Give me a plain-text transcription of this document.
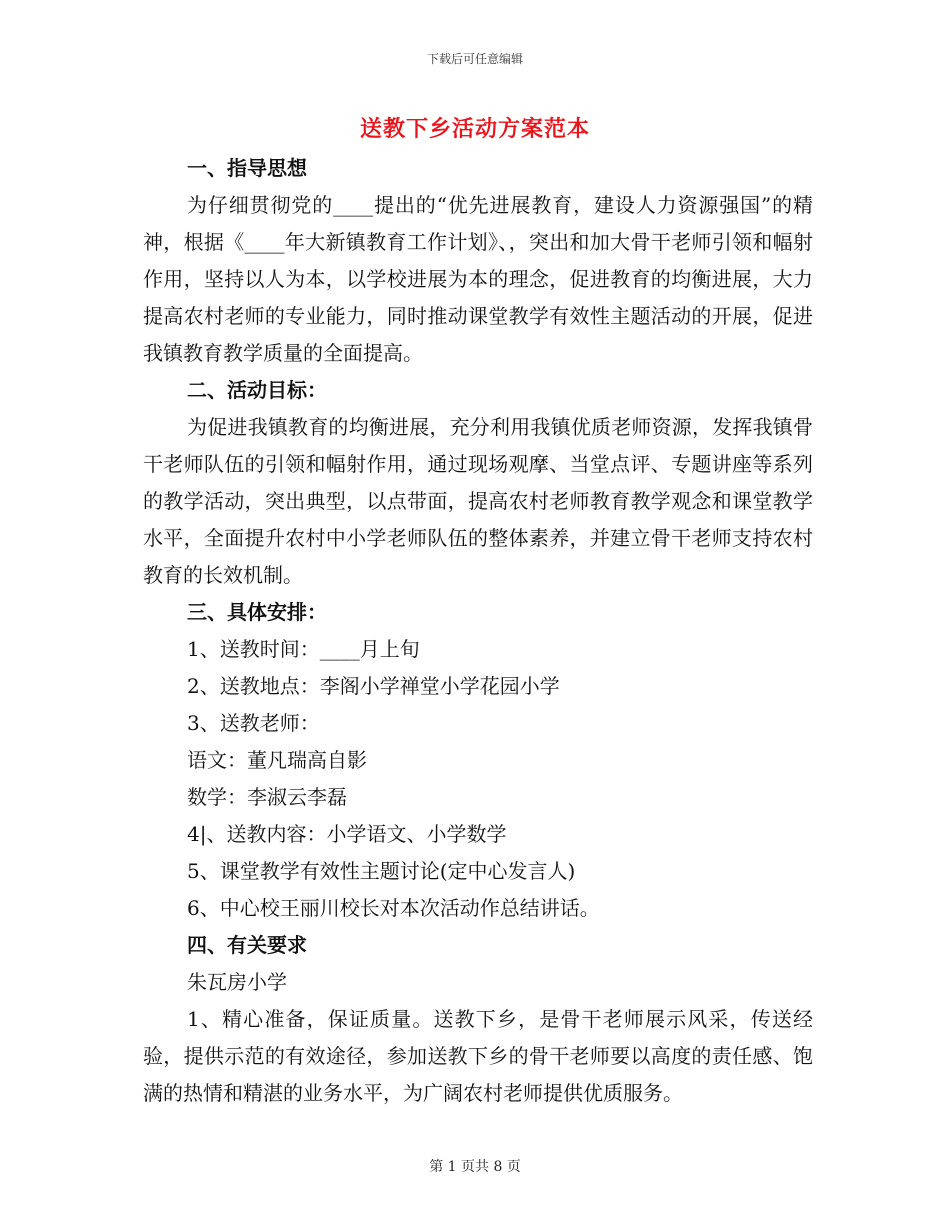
下载后可任意编辑
送教下乡活动方案范本

一、指导思想

为仔细贯彻党的____提出的“优先进展教育，建设人力资源强国”的精神，根据《____年大新镇教育工作计划》、，突出和加大骨干老师引领和幅射作用，坚持以人为本，以学校进展为本的理念，促进教育的均衡进展，大力提高农村老师的专业能力，同时推动课堂教学有效性主题活动的开展，促进我镇教育教学质量的全面提高。

二、活动目标：

为促进我镇教育的均衡进展，充分利用我镇优质老师资源，发挥我镇骨干老师队伍的引领和幅射作用，通过现场观摩、当堂点评、专题讲座等系列的教学活动，突出典型，以点带面，提高农村老师教育教学观念和课堂教学水平，全面提升农村中小学老师队伍的整体素养，并建立骨干老师支持农村教育的长效机制。

三、具体安排：

1、送教时间：____月上旬

2、送教地点：李阁小学禅堂小学花园小学

3、送教老师：

语文：董凡瑞高自影

数学：李淑云李磊

4|、送教内容：小学语文、小学数学

5、课堂教学有效性主题讨论(定中心发言人)

6、中心校王丽川校长对本次活动作总结讲话。

四、有关要求

朱瓦房小学

1、精心准备，保证质量。送教下乡，是骨干老师展示风采，传送经验，提供示范的有效途径，参加送教下乡的骨干老师要以高度的责任感、饱满的热情和精湛的业务水平，为广阔农村老师提供优质服务。

第 1 页共 8 页
